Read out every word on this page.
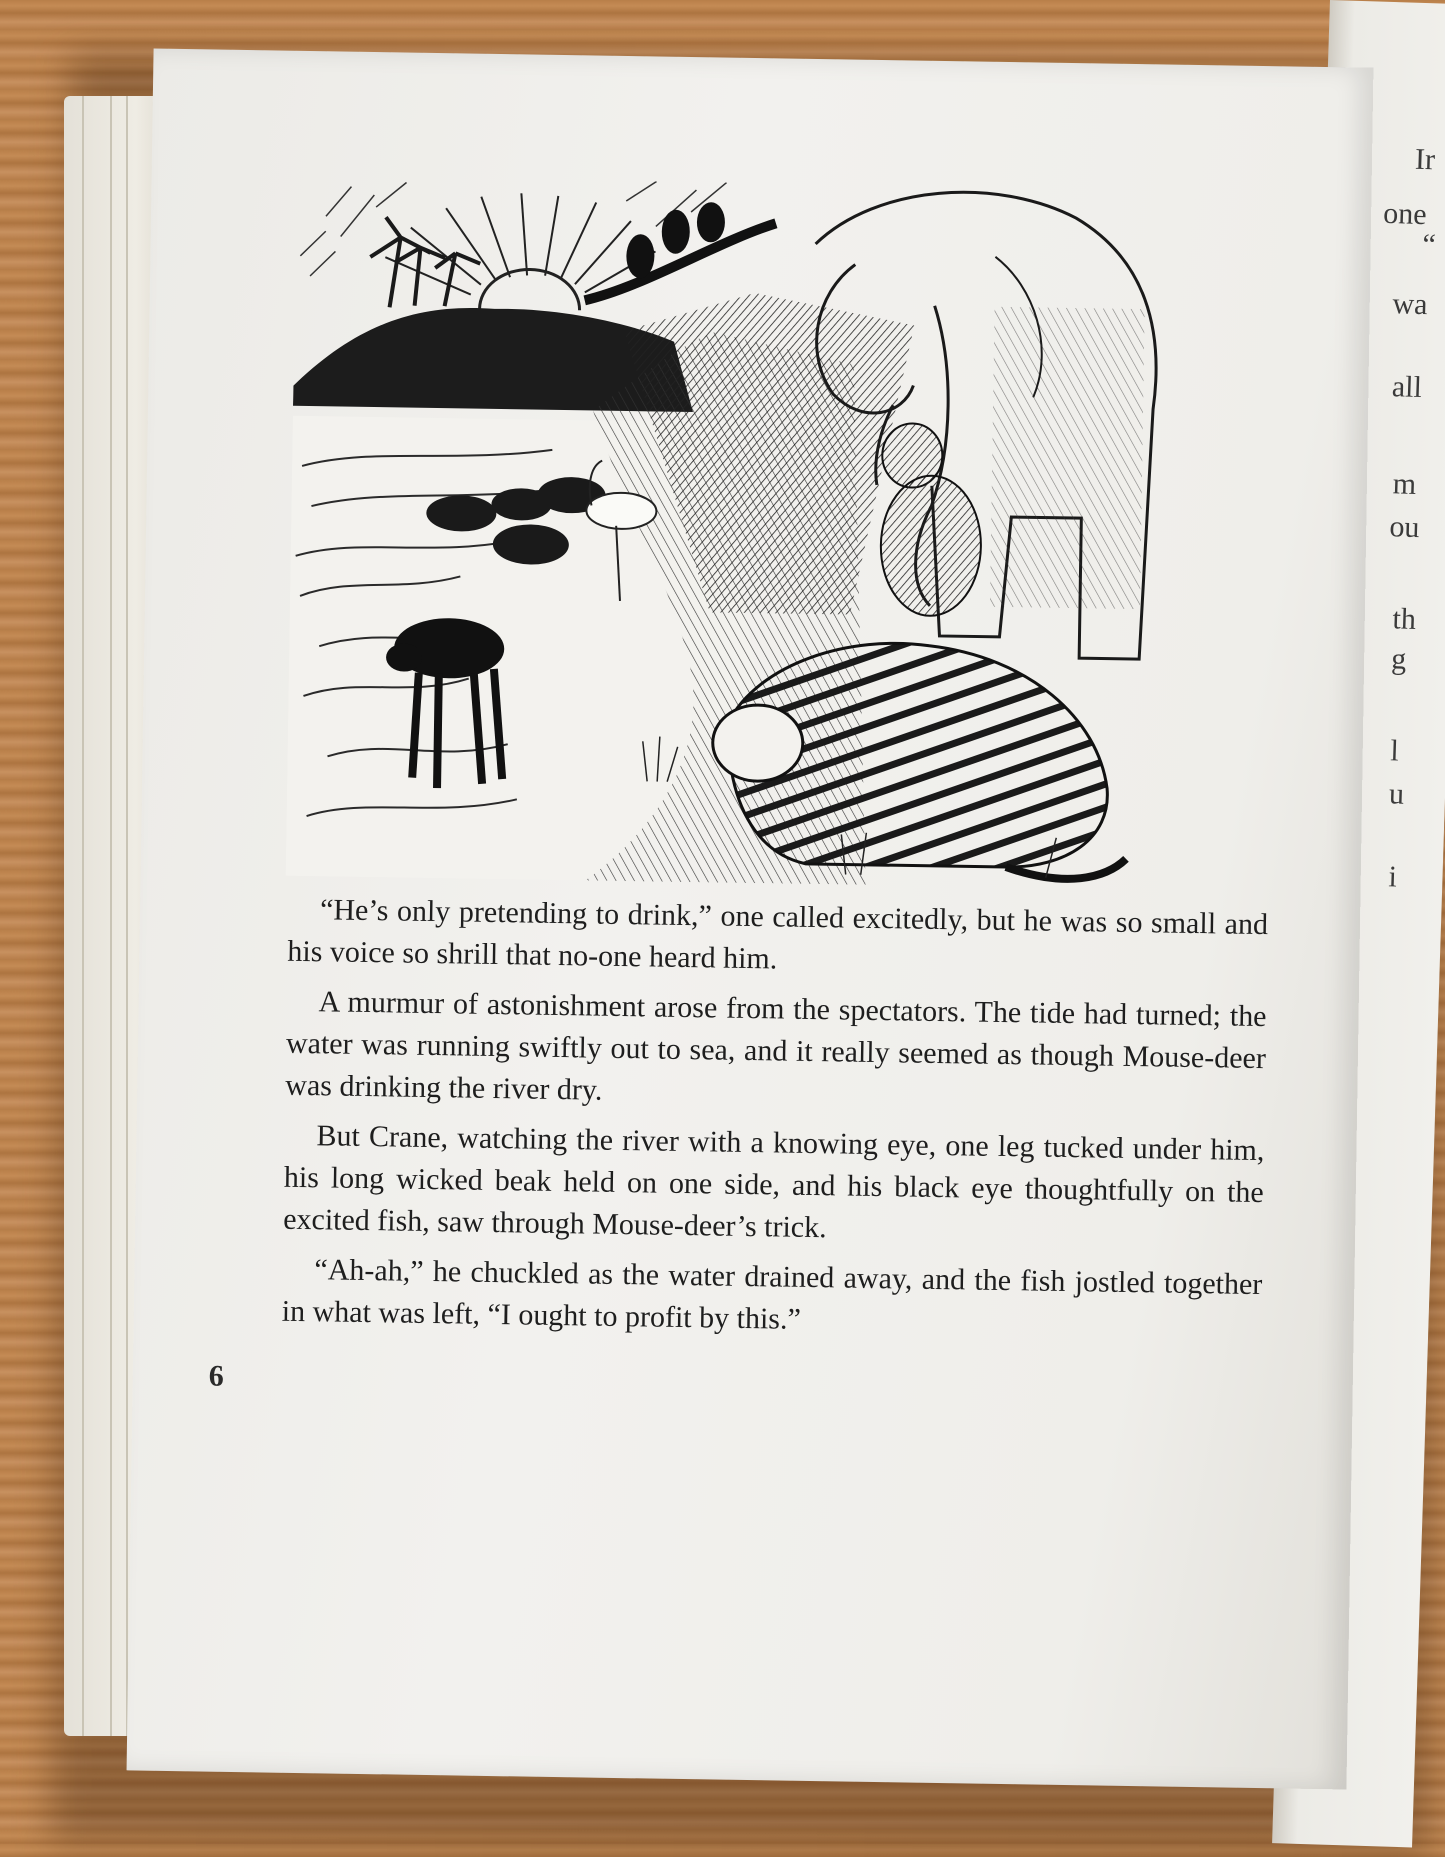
Ir
one
“
wa
all
m
ou
th
g
l
u
i

“He’s only pretending to drink,” one called excitedly, but he was so small and his voice so shrill that no-one heard him.

A murmur of astonishment arose from the spectators. The tide had turned; the water was running swiftly out to sea, and it really seemed as though Mouse-deer was drinking the river dry.

But Crane, watching the river with a knowing eye, one leg tucked under him, his long wicked beak held on one side, and his black eye thoughtfully on the excited fish, saw through Mouse-deer’s trick.

“Ah-ah,” he chuckled as the water drained away, and the fish jostled together in what was left, “I ought to profit by this.”

6
